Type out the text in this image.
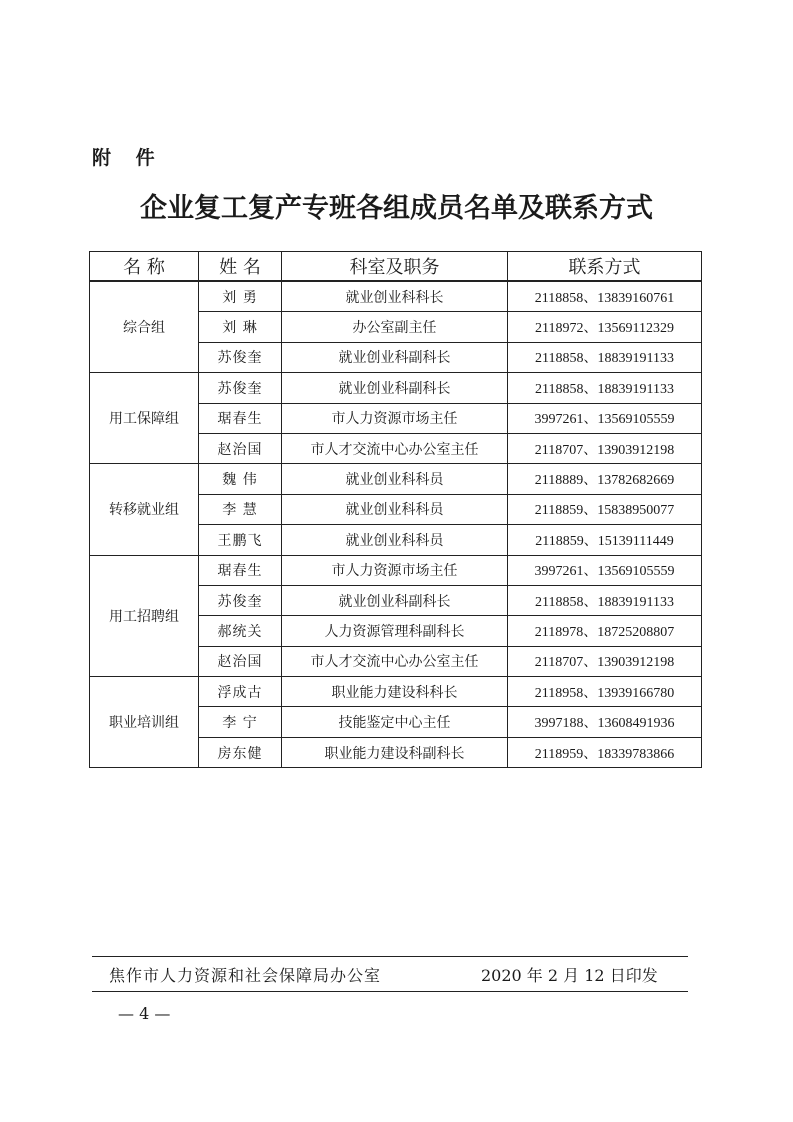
附 件
企业复工复产专班各组成员名单及联系方式
名 称	姓 名	科室及职务	联系方式
综合组	刘 勇	就业创业科科长	2118858、13839160761
	刘 琳	办公室副主任	2118972、13569112329
	苏俊奎	就业创业科副科长	2118858、18839191133
用工保障组	苏俊奎	就业创业科副科长	2118858、18839191133
	琚春生	市人力资源市场主任	3997261、13569105559
	赵治国	市人才交流中心办公室主任	2118707、13903912198
转移就业组	魏 伟	就业创业科科员	2118889、13782682669
	李 慧	就业创业科科员	2118859、15838950077
	王鹏飞	就业创业科科员	2118859、15139111449
用工招聘组	琚春生	市人力资源市场主任	3997261、13569105559
	苏俊奎	就业创业科副科长	2118858、18839191133
	郝统关	人力资源管理科副科长	2118978、18725208807
	赵治国	市人才交流中心办公室主任	2118707、13903912198
职业培训组	浮成古	职业能力建设科科长	2118958、13939166780
	李 宁	技能鉴定中心主任	3997188、13608491936
	房东健	职业能力建设科副科长	2118959、18339783866
焦作市人力资源和社会保障局办公室	2020 年 2 月 12 日印发
— 4 —
